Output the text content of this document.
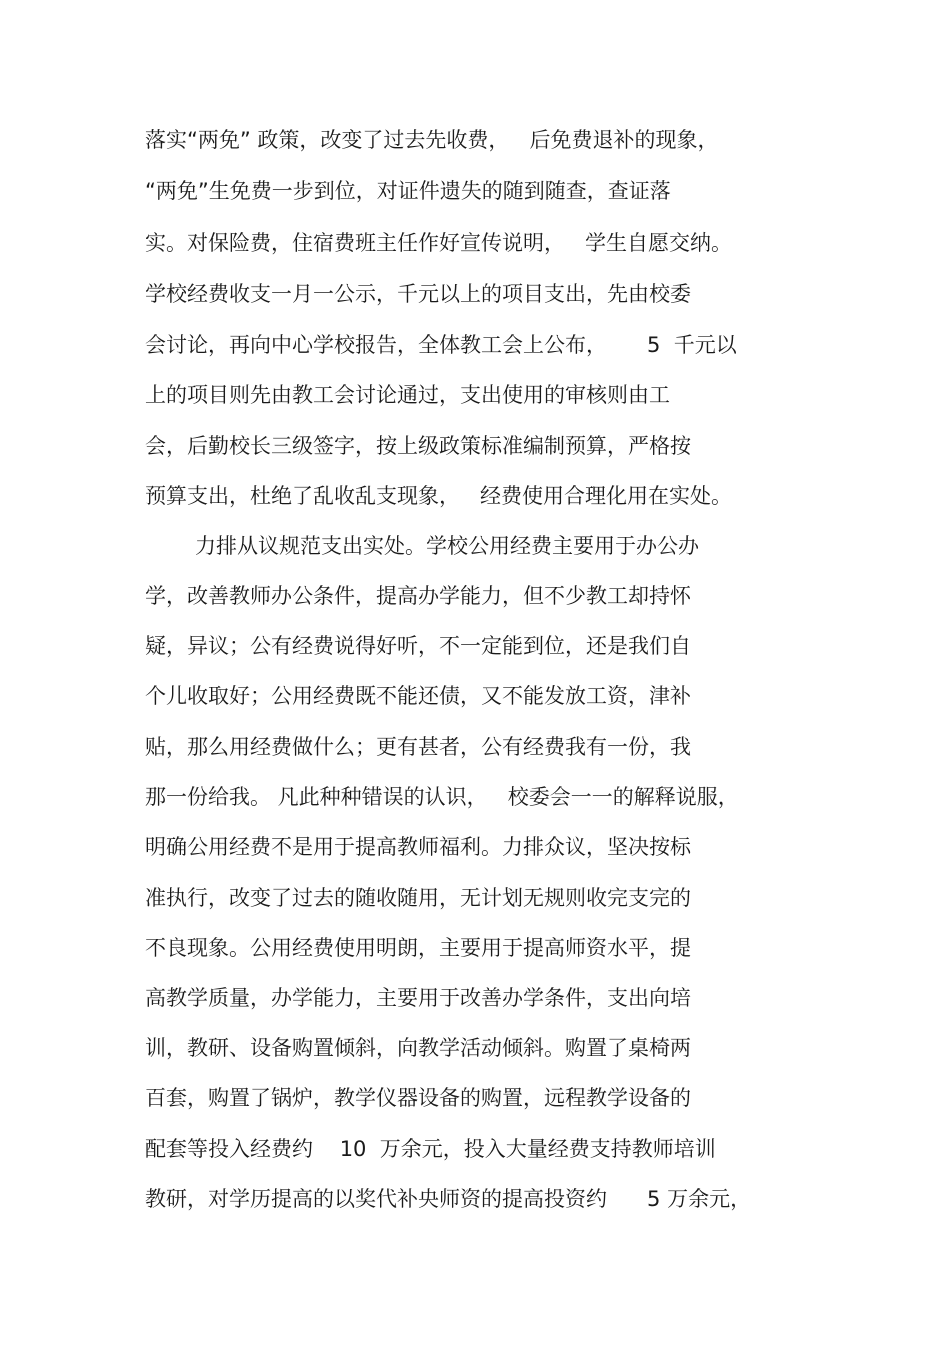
落实“两免” 政策，改变了过去先收费，   后免费退补的现象，
“两免”生免费一步到位，对证件遗失的随到随查，查证落
实。对保险费，住宿费班主任作好宣传说明，   学生自愿交纳。
学校经费收支一月一公示，千元以上的项目支出，先由校委
会讨论，再向中心学校报告，全体教工会上公布，      5  千元以
上的项目则先由教工会讨论通过，支出使用的审核则由工
会，后勤校长三级签字，按上级政策标准编制预算，严格按
预算支出，杜绝了乱收乱支现象，   经费使用合理化用在实处。
力排从议规范支出实处。学校公用经费主要用于办公办
学，改善教师办公条件，提高办学能力，但不少教工却持怀
疑，异议；公有经费说得好听，不一定能到位，还是我们自
个儿收取好；公用经费既不能还债，又不能发放工资，津补
贴，那么用经费做什么；更有甚者，公有经费我有一份，我
那一份给我。 凡此种种错误的认识，   校委会一一的解释说服，
明确公用经费不是用于提高教师福利。力排众议，坚决按标
准执行，改变了过去的随收随用，无计划无规则收完支完的
不良现象。公用经费使用明朗，主要用于提高师资水平，提
高教学质量，办学能力，主要用于改善办学条件，支出向培
训，教研、设备购置倾斜，向教学活动倾斜。购置了桌椅两
百套，购置了锅炉，教学仪器设备的购置，远程教学设备的
配套等投入经费约    10  万余元，投入大量经费支持教师培训
教研，对学历提高的以奖代补央师资的提高投资约      5 万余元，
